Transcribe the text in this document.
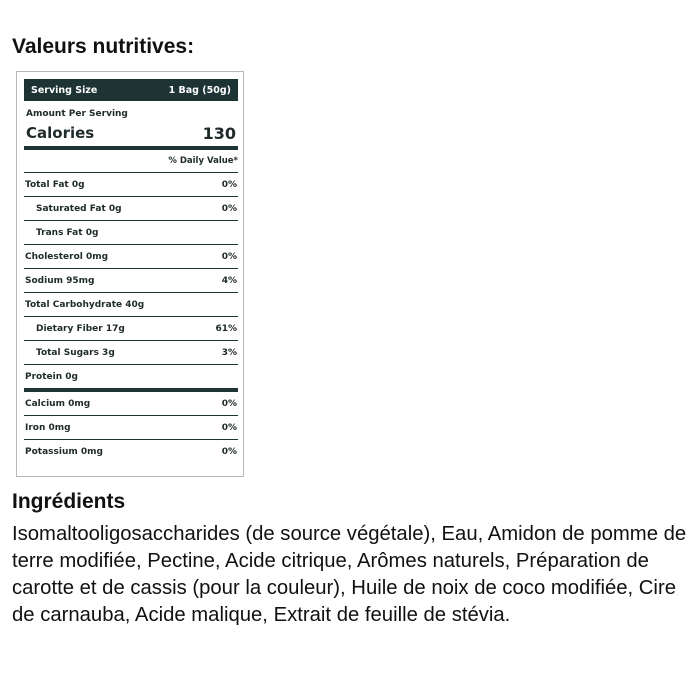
Valeurs nutritives:
Serving Size	1 Bag (50g)
Amount Per Serving
Calories	130
% Daily Value*
Total Fat 0g	0%
Saturated Fat 0g	0%
Trans Fat 0g
Cholesterol 0mg	0%
Sodium 95mg	4%
Total Carbohydrate 40g
Dietary Fiber 17g	61%
Total Sugars 3g	3%
Protein 0g
Calcium 0mg	0%
Iron 0mg	0%
Potassium 0mg	0%
Ingrédients
Isomaltooligosaccharides (de source végétale), Eau, Amidon de pomme de terre modifiée, Pectine, Acide citrique, Arômes naturels, Préparation de carotte et de cassis (pour la couleur), Huile de noix de coco modifiée, Cire de carnauba, Acide malique, Extrait de feuille de stévia.
